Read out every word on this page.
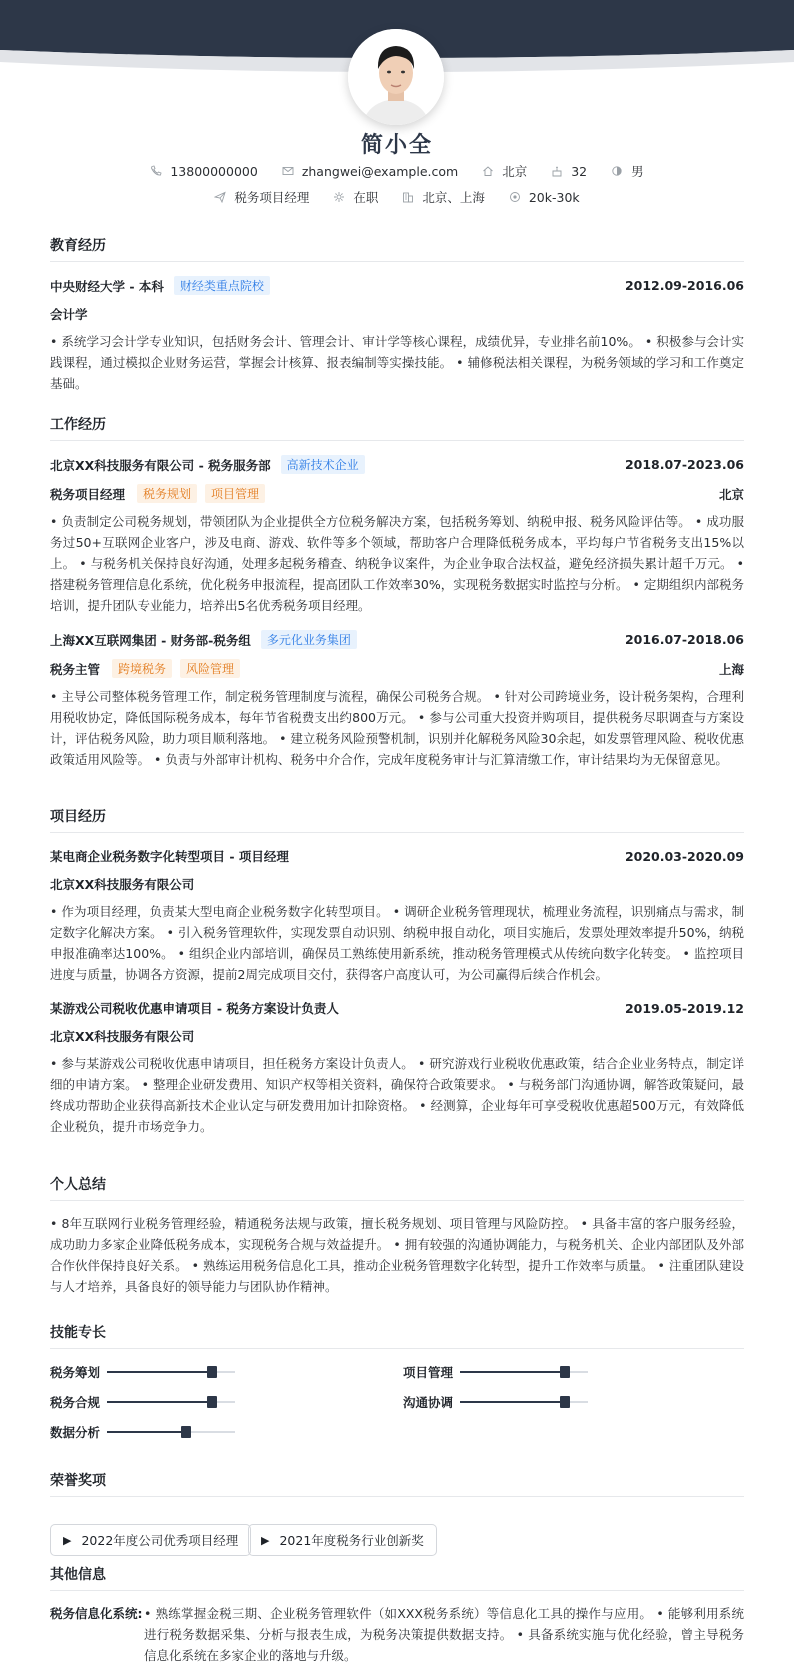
简小全
13800000000	zhangwei@example.com	北京	32	男
税务项目经理	在职	北京、上海	20k-30k
教育经历
中央财经大学 - 本科	财经类重点院校	2012.09-2016.06
会计学
• 系统学习会计学专业知识，包括财务会计、管理会计、审计学等核心课程，成绩优异，专业排名前10%。 • 积极参与会计实践课程，通过模拟企业财务运营，掌握会计核算、报表编制等实操技能。 • 辅修税法相关课程，为税务领域的学习和工作奠定基础。
工作经历
北京XX科技服务有限公司 - 税务服务部	高新技术企业	2018.07-2023.06
税务项目经理	税务规划	项目管理	北京
• 负责制定公司税务规划，带领团队为企业提供全方位税务解决方案，包括税务筹划、纳税申报、税务风险评估等。 • 成功服务过50+互联网企业客户，涉及电商、游戏、软件等多个领域，帮助客户合理降低税务成本，平均每户节省税务支出15%以上。 • 与税务机关保持良好沟通，处理多起税务稽查、纳税争议案件，为企业争取合法权益，避免经济损失累计超千万元。 • 搭建税务管理信息化系统，优化税务申报流程，提高团队工作效率30%，实现税务数据实时监控与分析。 • 定期组织内部税务培训，提升团队专业能力，培养出5名优秀税务项目经理。
上海XX互联网集团 - 财务部-税务组	多元化业务集团	2016.07-2018.06
税务主管	跨境税务	风险管理	上海
• 主导公司整体税务管理工作，制定税务管理制度与流程，确保公司税务合规。 • 针对公司跨境业务，设计税务架构，合理利用税收协定，降低国际税务成本，每年节省税费支出约800万元。 • 参与公司重大投资并购项目，提供税务尽职调查与方案设计，评估税务风险，助力项目顺利落地。 • 建立税务风险预警机制，识别并化解税务风险30余起，如发票管理风险、税收优惠政策适用风险等。 • 负责与外部审计机构、税务中介合作，完成年度税务审计与汇算清缴工作，审计结果均为无保留意见。
项目经历
某电商企业税务数字化转型项目 - 项目经理	2020.03-2020.09
北京XX科技服务有限公司
• 作为项目经理，负责某大型电商企业税务数字化转型项目。 • 调研企业税务管理现状，梳理业务流程，识别痛点与需求，制定数字化解决方案。 • 引入税务管理软件，实现发票自动识别、纳税申报自动化，项目实施后，发票处理效率提升50%，纳税申报准确率达100%。 • 组织企业内部培训，确保员工熟练使用新系统，推动税务管理模式从传统向数字化转变。 • 监控项目进度与质量，协调各方资源，提前2周完成项目交付，获得客户高度认可，为公司赢得后续合作机会。
某游戏公司税收优惠申请项目 - 税务方案设计负责人	2019.05-2019.12
北京XX科技服务有限公司
• 参与某游戏公司税收优惠申请项目，担任税务方案设计负责人。 • 研究游戏行业税收优惠政策，结合企业业务特点，制定详细的申请方案。 • 整理企业研发费用、知识产权等相关资料，确保符合政策要求。 • 与税务部门沟通协调，解答政策疑问，最终成功帮助企业获得高新技术企业认定与研发费用加计扣除资格。 • 经测算，企业每年可享受税收优惠超500万元，有效降低企业税负，提升市场竞争力。
个人总结
• 8年互联网行业税务管理经验，精通税务法规与政策，擅长税务规划、项目管理与风险防控。 • 具备丰富的客户服务经验，成功助力多家企业降低税务成本，实现税务合规与效益提升。 • 拥有较强的沟通协调能力，与税务机关、企业内部团队及外部合作伙伴保持良好关系。 • 熟练运用税务信息化工具，推动企业税务管理数字化转型，提升工作效率与质量。 • 注重团队建设与人才培养，具备良好的领导能力与团队协作精神。
技能专长
税务筹划	项目管理
税务合规	沟通协调
数据分析
荣誉奖项
▶ 2022年度公司优秀项目经理 ▶ 2021年度税务行业创新奖
其他信息
税务信息化系统: • 熟练掌握金税三期、企业税务管理软件（如XXX税务系统）等信息化工具的操作与应用。 • 能够利用系统进行税务数据采集、分析与报表生成，为税务决策提供数据支持。 • 具备系统实施与优化经验，曾主导税务信息化系统在多家企业的落地与升级。
